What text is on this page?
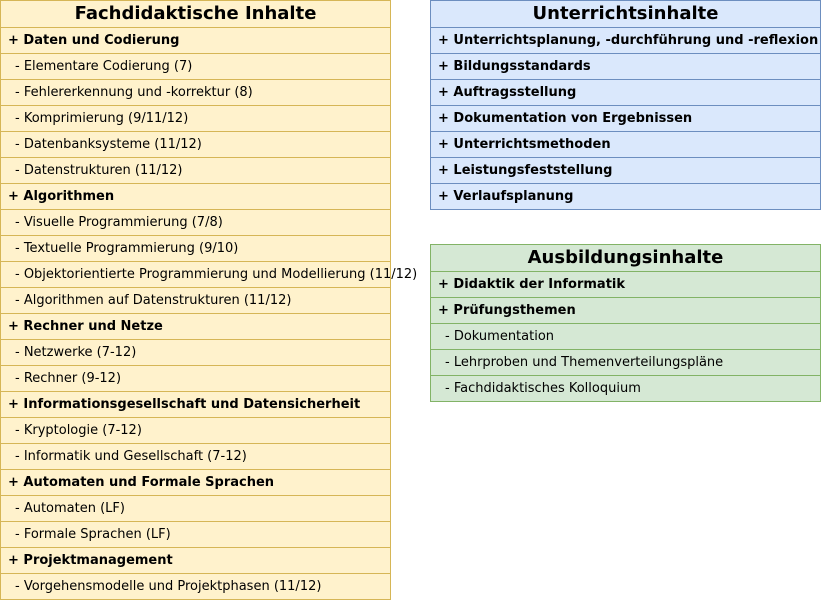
Fachdidaktische Inhalte
+ Daten und Codierung
- Elementare Codierung (7)
- Fehlererkennung und -korrektur (8)
- Komprimierung (9/11/12)
- Datenbanksysteme (11/12)
- Datenstrukturen (11/12)
+ Algorithmen
- Visuelle Programmierung (7/8)
- Textuelle Programmierung (9/10)
- Objektorientierte Programmierung und Modellierung (11/12)
- Algorithmen auf Datenstrukturen (11/12)
+ Rechner und Netze
- Netzwerke (7-12)
- Rechner (9-12)
+ Informationsgesellschaft und Datensicherheit
- Kryptologie (7-12)
- Informatik und Gesellschaft (7-12)
+ Automaten und Formale Sprachen
- Automaten (LF)
- Formale Sprachen (LF)
+ Projektmanagement
- Vorgehensmodelle und Projektphasen (11/12)
Unterrichtsinhalte
+ Unterrichtsplanung, -durchführung und -reflexion
+ Bildungsstandards
+ Auftragsstellung
+ Dokumentation von Ergebnissen
+ Unterrichtsmethoden
+ Leistungsfeststellung
+ Verlaufsplanung
Ausbildungsinhalte
+ Didaktik der Informatik
+ Prüfungsthemen
- Dokumentation
- Lehrproben und Themenverteilungspläne
- Fachdidaktisches Kolloquium
